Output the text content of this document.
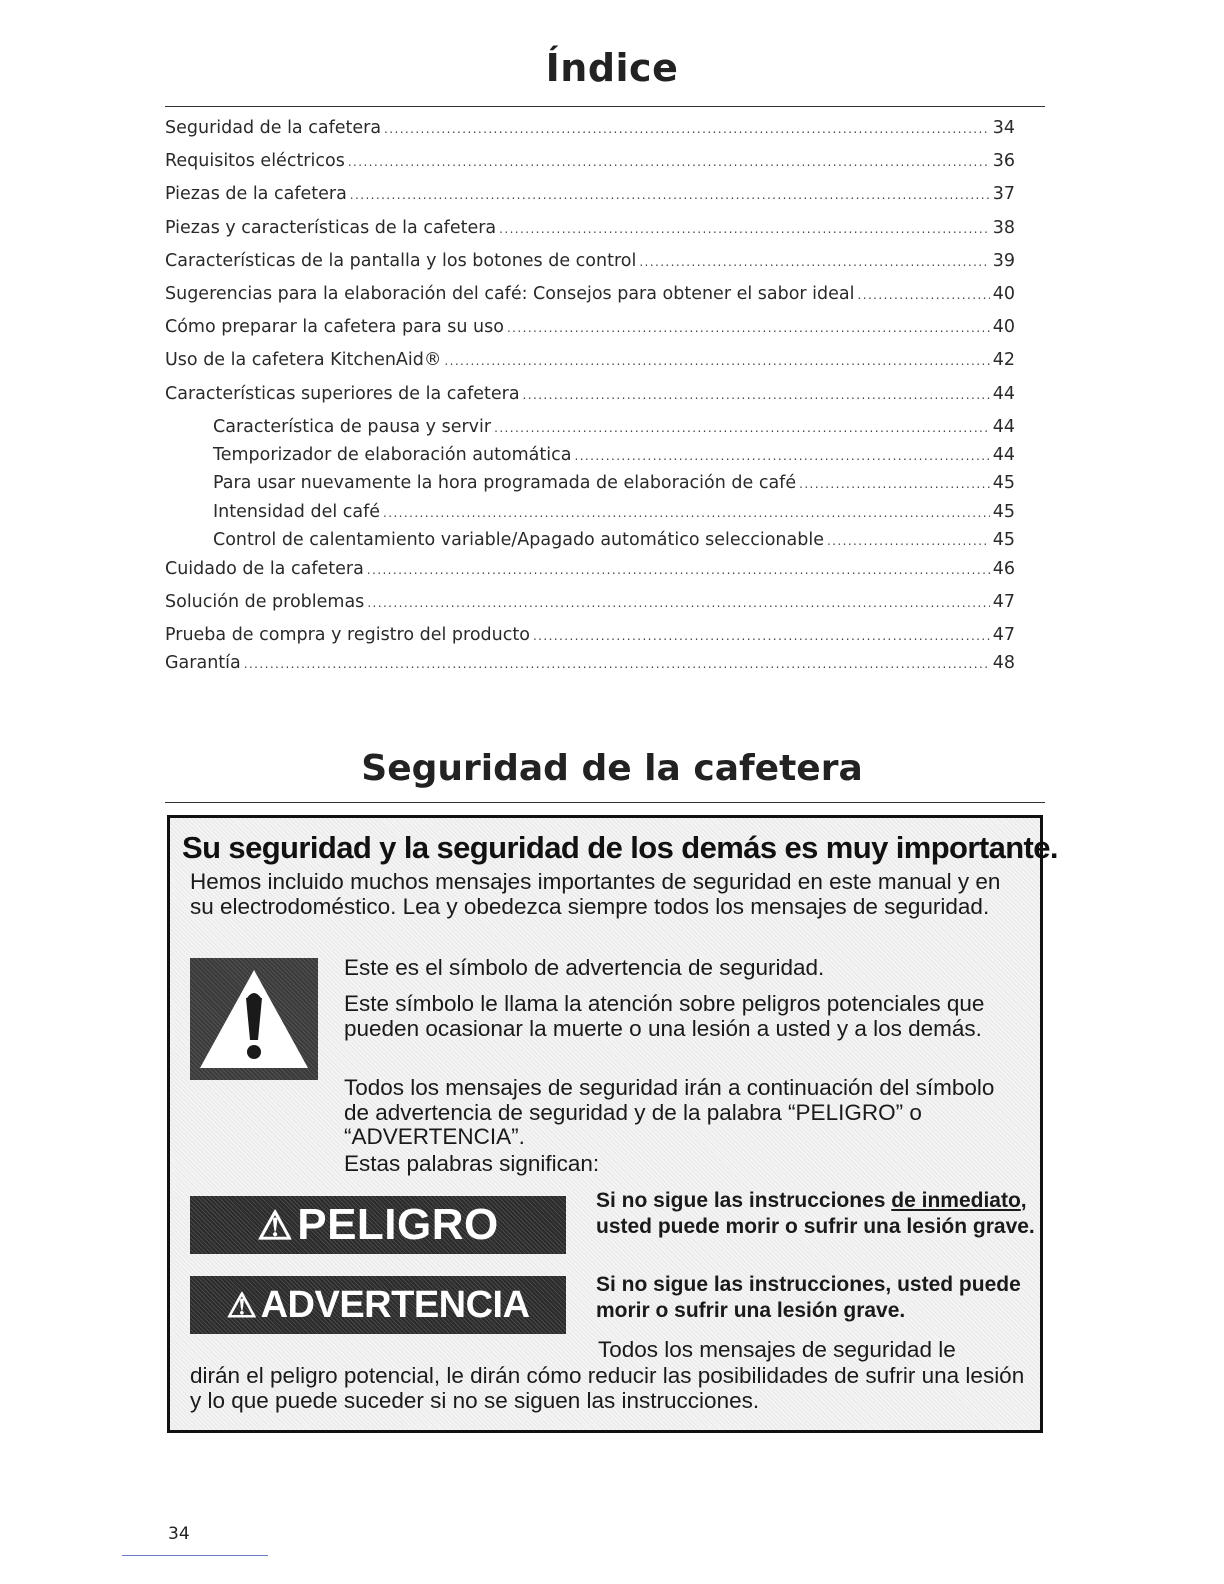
Índice
Seguridad de la cafetera .....	34
Requisitos eléctricos .....	36
Piezas de la cafetera .....	37
Piezas y características de la cafetera .....	38
Características de la pantalla y los botones de control .....	39
Sugerencias para la elaboración del café: Consejos para obtener el sabor ideal .....	40
Cómo preparar la cafetera para su uso .....	40
Uso de la cafetera KitchenAid® .....	42
Características superiores de la cafetera .....	44
Característica de pausa y servir .....	44
Temporizador de elaboración automática .....	44
Para usar nuevamente la hora programada de elaboración de café .....	45
Intensidad del café .....	45
Control de calentamiento variable/Apagado automático seleccionable .....	45
Cuidado de la cafetera .....	46
Solución de problemas .....	47
Prueba de compra y registro del producto .....	47
Garantía .....	48
Seguridad de la cafetera
Su seguridad y la seguridad de los demás es muy importante.
Hemos incluido muchos mensajes importantes de seguridad en este manual y en su electrodoméstico. Lea y obedezca siempre todos los mensajes de seguridad.
Este es el símbolo de advertencia de seguridad.
Este símbolo le llama la atención sobre peligros potenciales que pueden ocasionar la muerte o una lesión a usted y a los demás.
Todos los mensajes de seguridad irán a continuación del símbolo de advertencia de seguridad y de la palabra “PELIGRO” o “ADVERTENCIA”.
Estas palabras significan:
⚠PELIGRO	Si no sigue las instrucciones de inmediato, usted puede morir o sufrir una lesión grave.
⚠ ADVERTENCIA	Si no sigue las instrucciones, usted puede morir o sufrir una lesión grave.
Todos los mensajes de seguridad le
dirán el peligro potencial, le dirán cómo reducir las posibilidades de sufrir una lesión y lo que puede suceder si no se siguen las instrucciones.
34
